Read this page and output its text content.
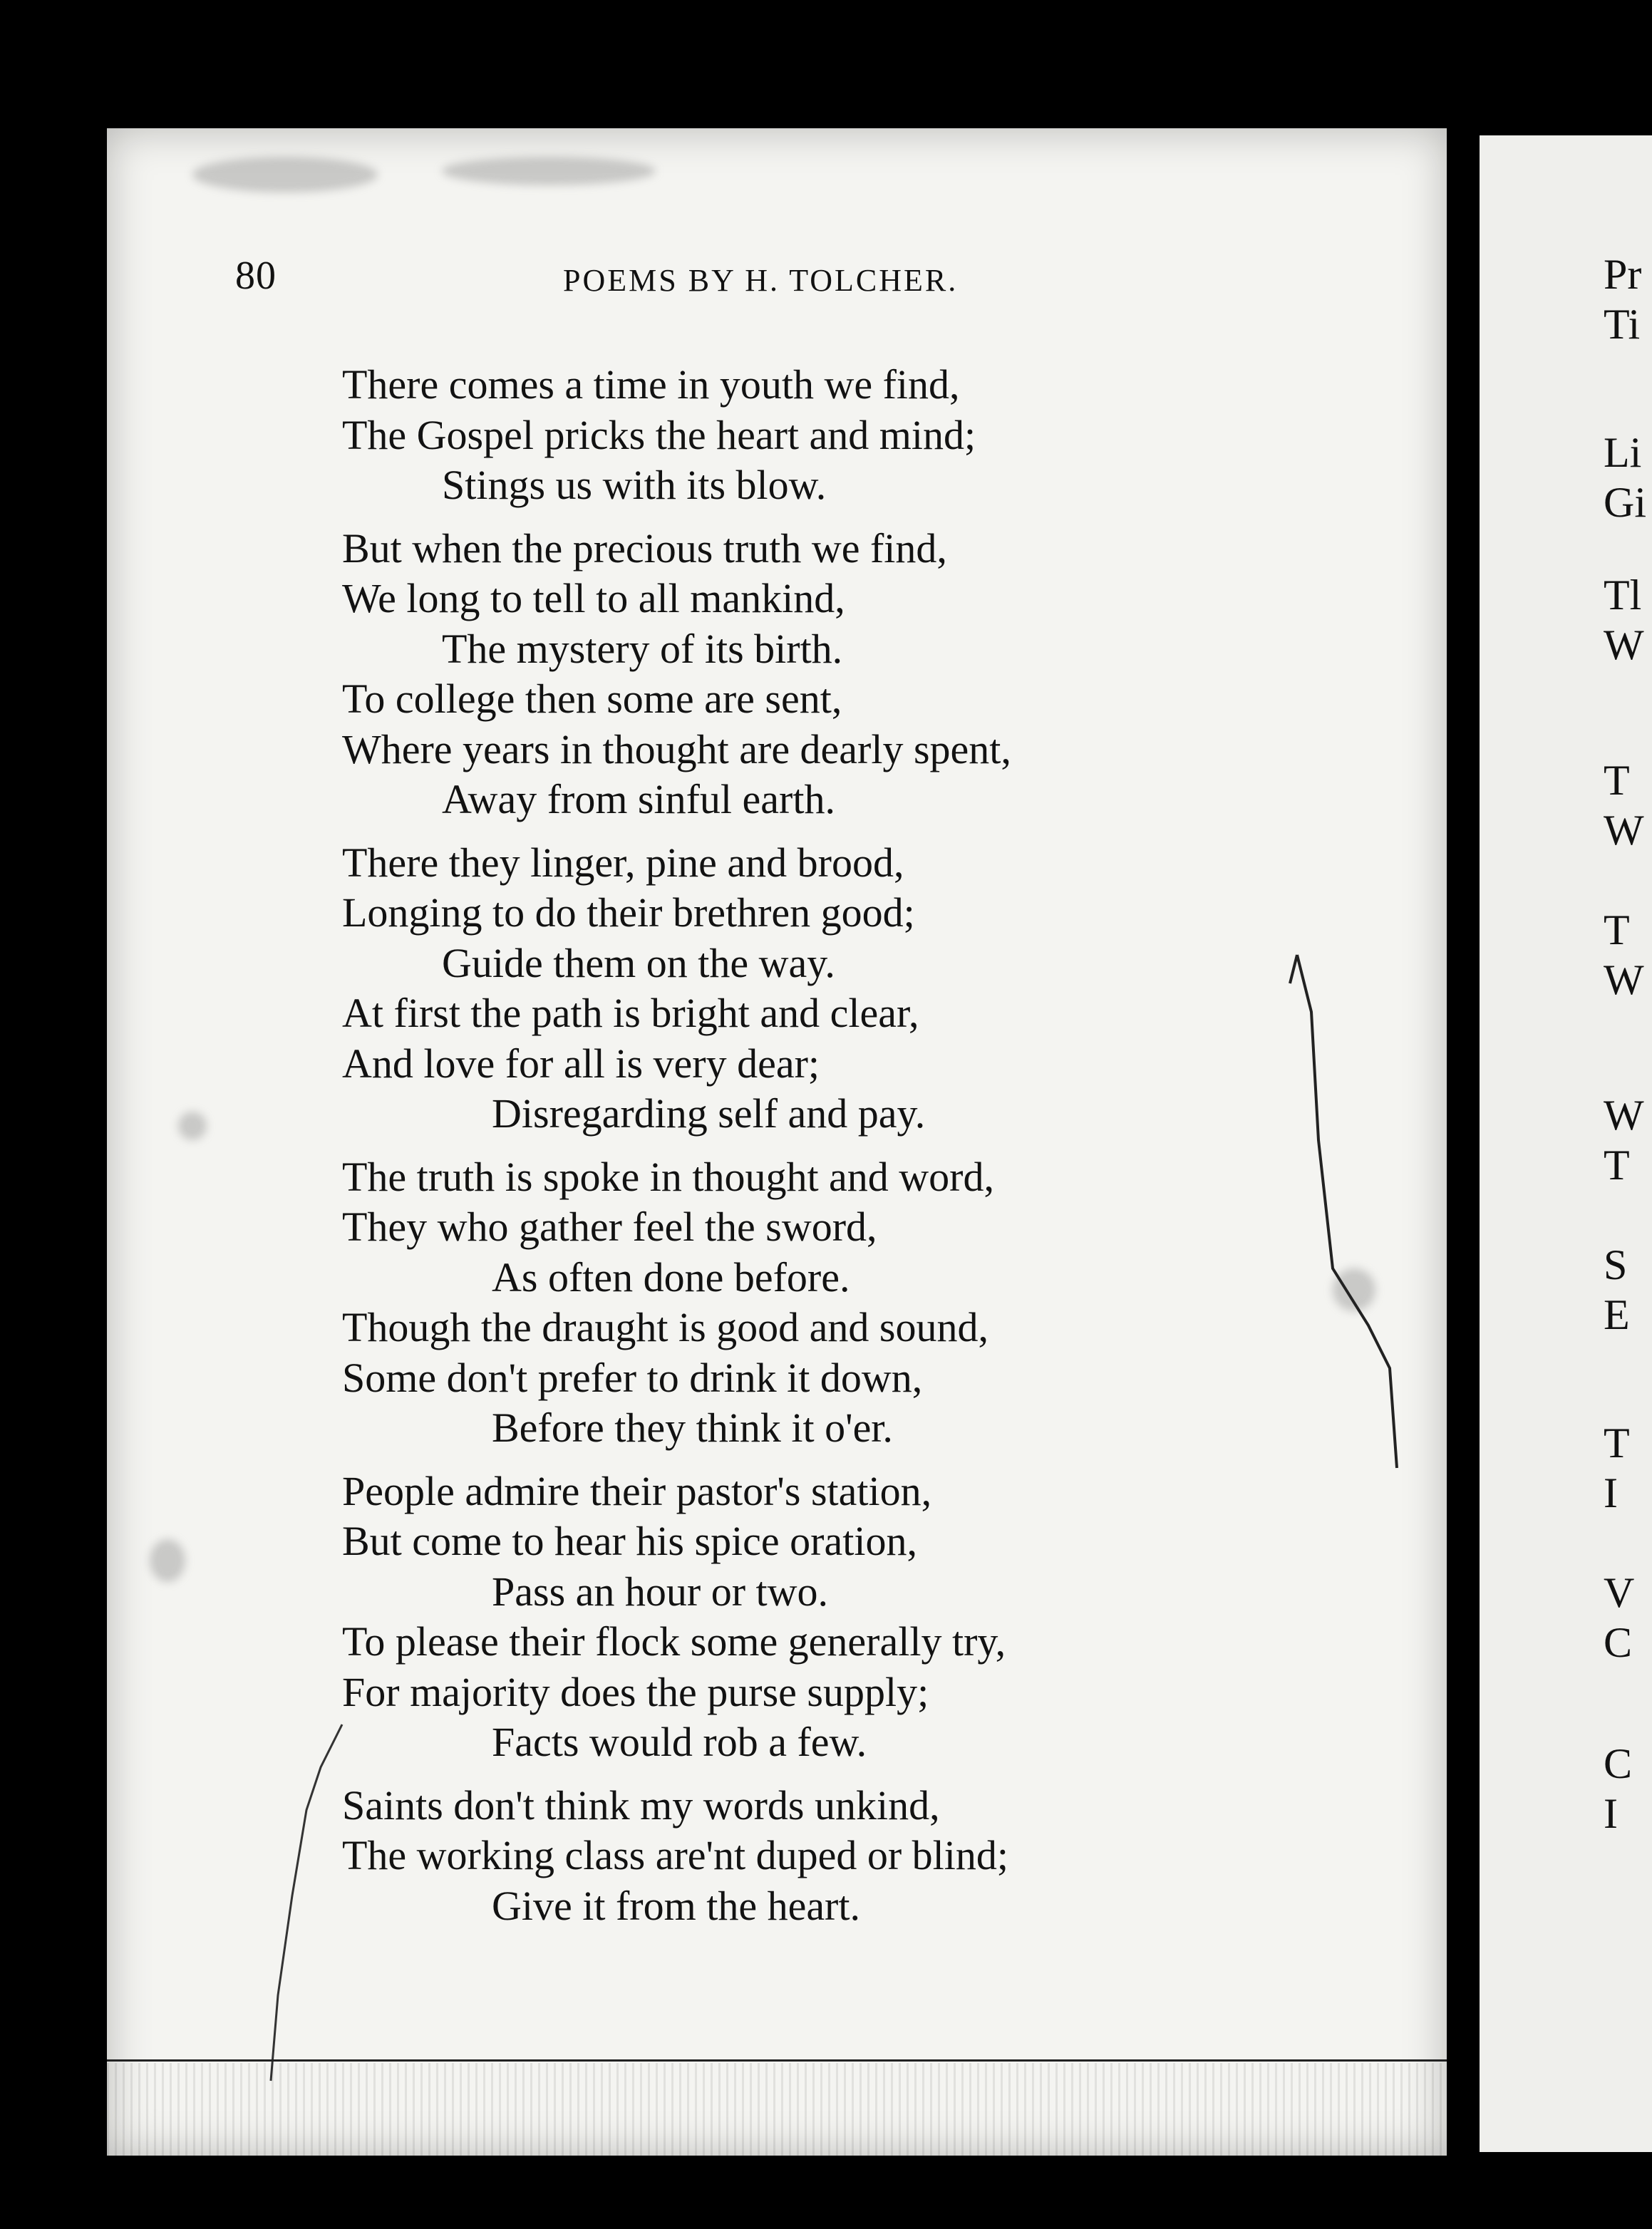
80	POEMS BY H. TOLCHER.
There comes a time in youth we find,
The Gospel pricks the heart and mind;
Stings us with its blow.
But when the precious truth we find,
We long to tell to all mankind,
The mystery of its birth.
To college then some are sent,
Where years in thought are dearly spent,
Away from sinful earth.
There they linger, pine and brood,
Longing to do their brethren good;
Guide them on the way.
At first the path is bright and clear,
And love for all is very dear;
Disregarding self and pay.
The truth is spoke in thought and word,
They who gather feel the sword,
As often done before.
Though the draught is good and sound,
Some don't prefer to drink it down,
Before they think it o'er.
People admire their pastor's station,
But come to hear his spice oration,
Pass an hour or two.
To please their flock some generally try,
For majority does the purse supply;
Facts would rob a few.
Saints don't think my words unkind,
The working class are'nt duped or blind;
Give it from the heart.
Pr
Ti
Li
Gi
Tl
W
T
W
T
W
W
T
S
E
T
I
V
C
C
I
